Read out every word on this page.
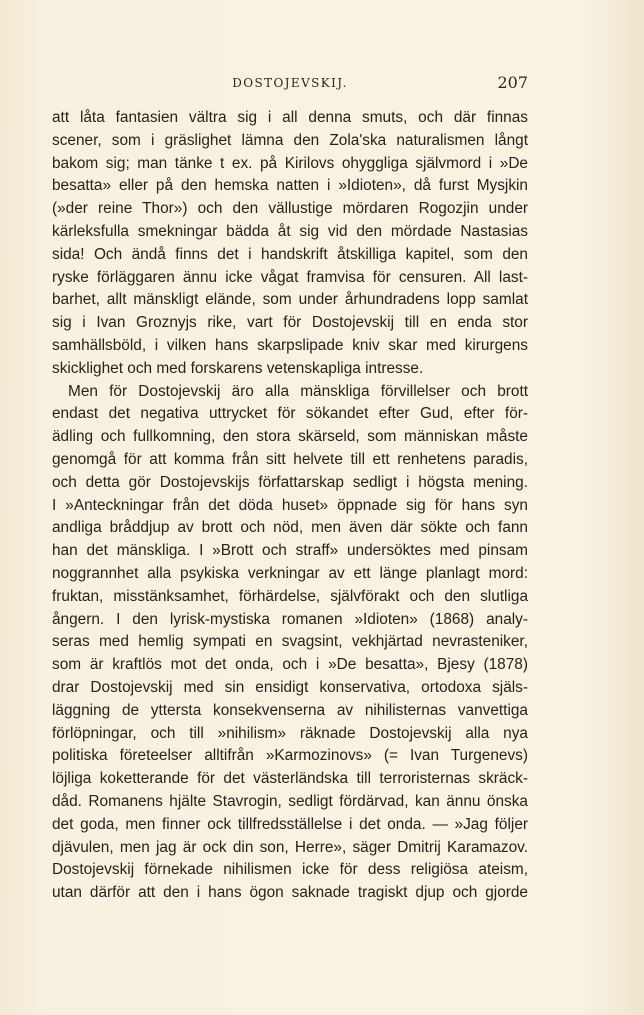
DOSTOJEVSKIJ.	207
att låta fantasien vältra sig i all denna smuts, och där finnas
scener, som i gräslighet lämna den Zola'ska naturalismen långt
bakom sig; man tänke t ex. på Kirilovs ohyggliga självmord i »De
besatta» eller på den hemska natten i »Idioten», då furst Mysjkin
(»der reine Thor») och den vällustige mördaren Rogozjin under
kärleksfulla smekningar bädda åt sig vid den mördade Nastasias
sida! Och ändå finns det i handskrift åtskilliga kapitel, som den
ryske förläggaren ännu icke vågat framvisa för censuren. All last-
barhet, allt mänskligt elände, som under århundradens lopp samlat
sig i Ivan Groznyjs rike, vart för Dostojevskij till en enda stor
samhällsböld, i vilken hans skarpslipade kniv skar med kirurgens
skicklighet och med forskarens vetenskapliga intresse.
Men för Dostojevskij äro alla mänskliga förvillelser och brott
endast det negativa uttrycket för sökandet efter Gud, efter för-
ädling och fullkomning, den stora skärseld, som människan måste
genomgå för att komma från sitt helvete till ett renhetens paradis,
och detta gör Dostojevskijs författarskap sedligt i högsta mening.
I »Anteckningar från det döda huset» öppnade sig för hans syn
andliga bråddjup av brott och nöd, men även där sökte och fann
han det mänskliga. I »Brott och straff» undersöktes med pinsam
noggrannhet alla psykiska verkningar av ett länge planlagt mord:
fruktan, misstänksamhet, förhärdelse, självförakt och den slutliga
ångern. I den lyrisk-mystiska romanen »Idioten» (1868) analy-
seras med hemlig sympati en svagsint, vekhjärtad nevrasteniker,
som är kraftlös mot det onda, och i »De besatta», Bjesy (1878)
drar Dostojevskij med sin ensidigt konservativa, ortodoxa själs-
läggning de yttersta konsekvenserna av nihilisternas vanvettiga
förlöpningar, och till »nihilism» räknade Dostojevskij alla nya
politiska företeelser alltifrån »Karmozinovs» (= Ivan Turgenevs)
löjliga koketterande för det västerländska till terroristernas skräck-
dåd. Romanens hjälte Stavrogin, sedligt fördärvad, kan ännu önska
det goda, men finner ock tillfredsställelse i det onda. — »Jag följer
djävulen, men jag är ock din son, Herre», säger Dmitrij Karamazov.
Dostojevskij förnekade nihilismen icke för dess religiösa ateism,
utan därför att den i hans ögon saknade tragiskt djup och gjorde
